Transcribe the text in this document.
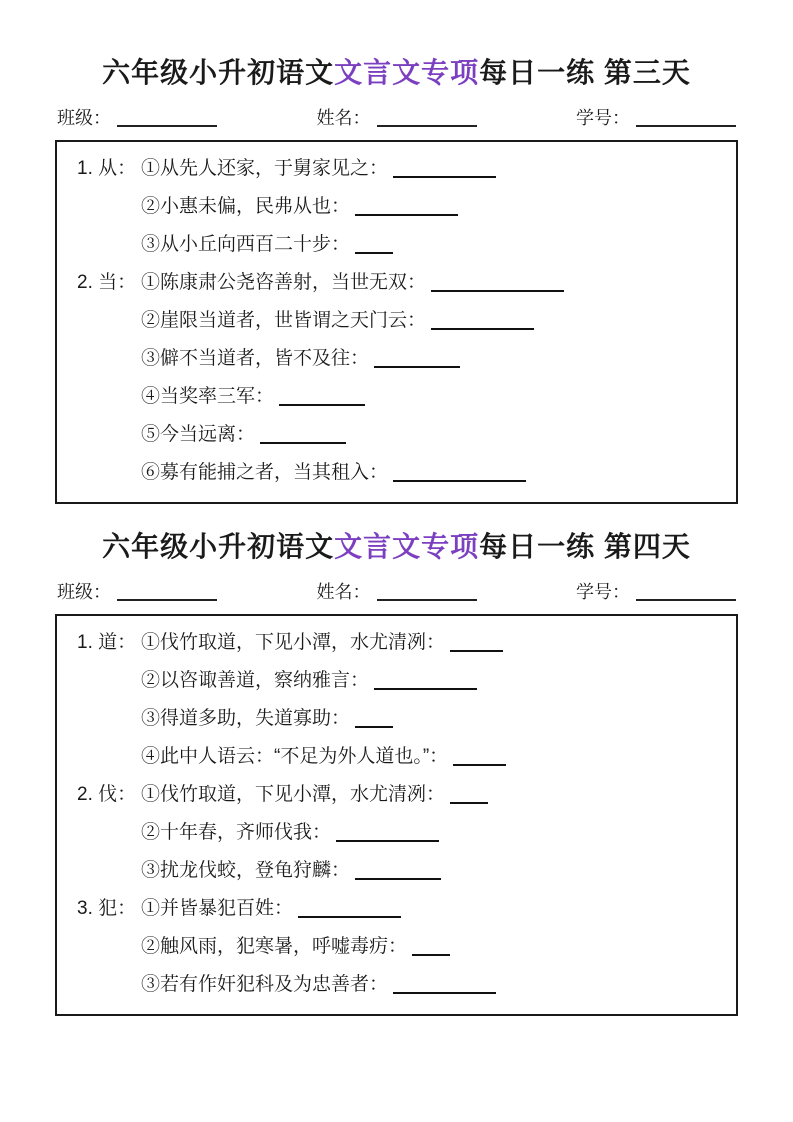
六年级小升初语文文言文专项每日一练 第三天
班级：	姓名：	学号：
1. 从： ①从先人还家，于舅家见之：
②小惠未偏，民弗从也：
③从小丘向西百二十步：
2. 当： ①陈康肃公尧咨善射，当世无双：
②崖限当道者，世皆谓之天门云：
③僻不当道者，皆不及往：
④当奖率三军：
⑤今当远离：
⑥募有能捕之者，当其租入：
六年级小升初语文文言文专项每日一练 第四天
班级：	姓名：	学号：
1. 道： ①伐竹取道，下见小潭，水尤清冽：
②以咨诹善道，察纳雅言：
③得道多助，失道寡助：
④此中人语云：“不足为外人道也。”：
2. 伐： ①伐竹取道，下见小潭，水尤清冽：
②十年春，齐师伐我：
③扰龙伐蛟，登龟狩麟：
3. 犯： ①并皆暴犯百姓：
②触风雨，犯寒暑，呼嘘毒疠：
③若有作奸犯科及为忠善者：
